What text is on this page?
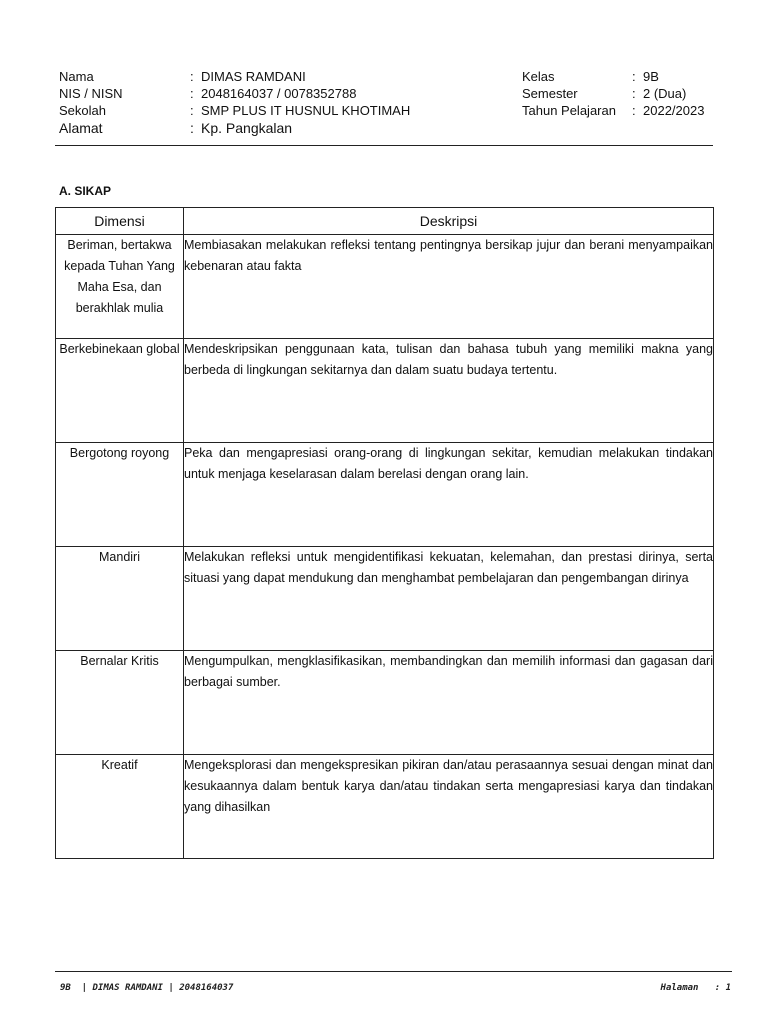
Nama	: DIMAS RAMDANI
NIS / NISN	: 2048164037 / 0078352788
Sekolah	: SMP PLUS IT HUSNUL KHOTIMAH
Alamat	: Kp. Pangkalan
Kelas	: 9B
Semester	: 2 (Dua)
Tahun Pelajaran : 2022/2023
A. SIKAP
Dimensi	Deskripsi
Beriman, bertakwa kepada Tuhan Yang Maha Esa, dan berakhlak mulia	Membiasakan melakukan refleksi tentang pentingnya bersikap jujur dan berani menyampaikan kebenaran atau fakta
Berkebinekaan global	Mendeskripsikan penggunaan kata, tulisan dan bahasa tubuh yang memiliki makna yang berbeda di lingkungan sekitarnya dan dalam suatu budaya tertentu.
Bergotong royong	Peka dan mengapresiasi orang-orang di lingkungan sekitar, kemudian melakukan tindakan untuk menjaga keselarasan dalam berelasi dengan orang lain.
Mandiri	Melakukan refleksi untuk mengidentifikasi kekuatan, kelemahan, dan prestasi dirinya, serta situasi yang dapat mendukung dan menghambat pembelajaran dan pengembangan dirinya
Bernalar Kritis	Mengumpulkan, mengklasifikasikan, membandingkan dan memilih informasi dan gagasan dari berbagai sumber.
Kreatif	Mengeksplorasi dan mengekspresikan pikiran dan/atau perasaannya sesuai dengan minat dan kesukaannya dalam bentuk karya dan/atau tindakan serta mengapresiasi karya dan tindakan yang dihasilkan
9B  | DIMAS RAMDANI | 2048164037	Halaman   : 1
